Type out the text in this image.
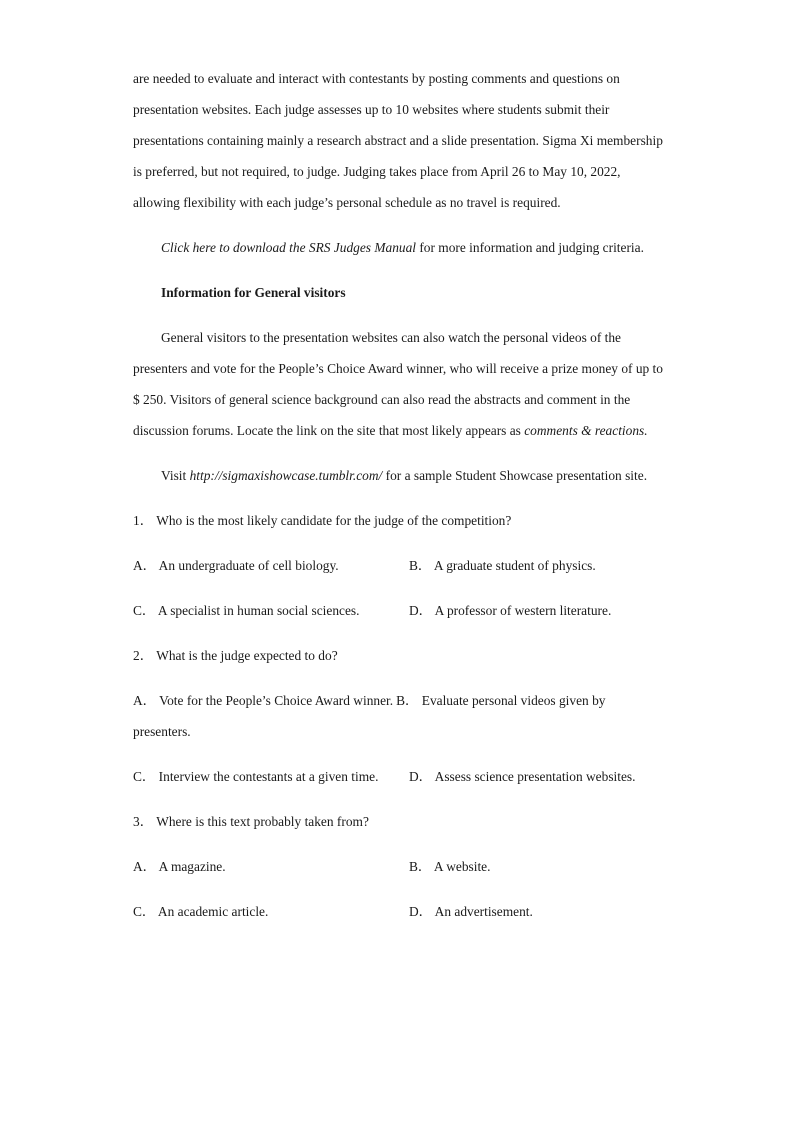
are needed to evaluate and interact with contestants by posting comments and questions on presentation websites. Each judge assesses up to 10 websites where students submit their presentations containing mainly a research abstract and a slide presentation. Sigma Xi membership is preferred, but not required, to judge. Judging takes place from April 26 to May 10, 2022, allowing flexibility with each judge’s personal schedule as no travel is required.

Click here to download the SRS Judges Manual for more information and judging criteria.

Information for General visitors

General visitors to the presentation websites can also watch the personal videos of the presenters and vote for the People’s Choice Award winner, who will receive a prize money of up to $ 250. Visitors of general science background can also read the abstracts and comment in the discussion forums. Locate the link on the site that most likely appears as comments & reactions.

Visit http://sigmaxishowcase.tumblr.com/ for a sample Student Showcase presentation site.

1． Who is the most likely candidate for the judge of the competition?

A． An undergraduate of cell biology.	B． A graduate student of physics.
C． A specialist in human social sciences.	D． A professor of western literature.

2． What is the judge expected to do?

A． Vote for the People’s Choice Award winner. B． Evaluate personal videos given by presenters.

C． Interview the contestants at a given time.	D． Assess science presentation websites.

3． Where is this text probably taken from?

A． A magazine.	B． A website.
C． An academic article.	D． An advertisement.
